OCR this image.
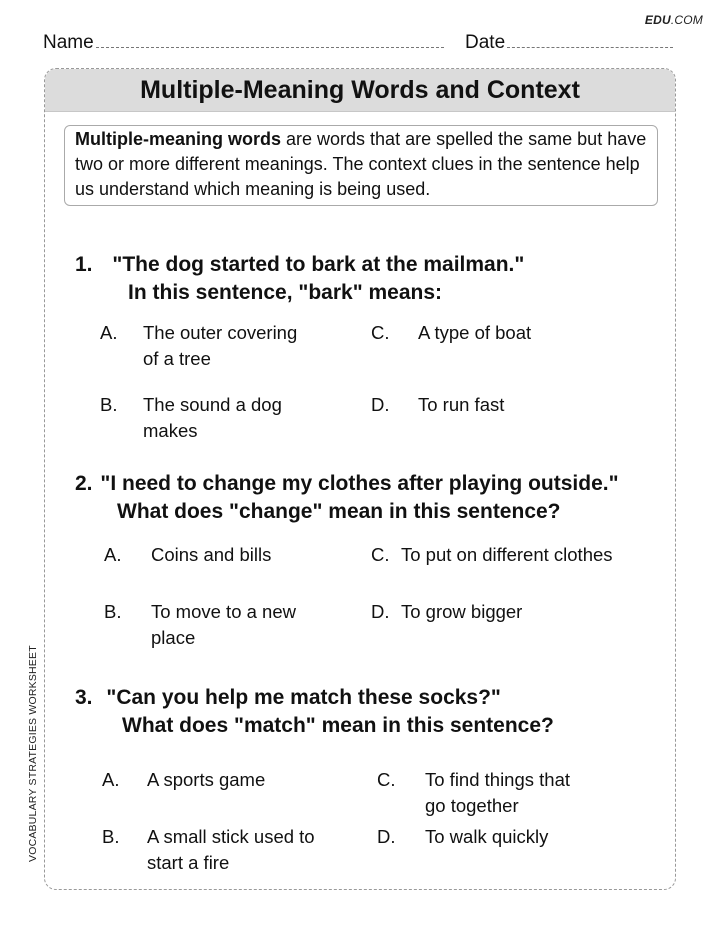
EDU.COM
Name	Date
VOCABULARY STRATEGIES WORKSHEET
Multiple-Meaning Words and Context
Multiple-meaning words are words that are spelled the same but have two or more different meanings. The context clues in the sentence help us understand which meaning is being used.
1. "The dog started to bark at the mailman."
In this sentence, "bark" means:
A. The outer covering
of a tree
C. A type of boat
B. The sound a dog
makes
D. To run fast
2. "I need to change my clothes after playing outside."
What does "change" mean in this sentence?
A. Coins and bills	C. To put on different clothes
B. To move to a new
place
D. To grow bigger
3. "Can you help me match these socks?"
What does "match" mean in this sentence?
A. A sports game	C. To find things that
go together
B. A small stick used to
start a fire
D. To walk quickly
